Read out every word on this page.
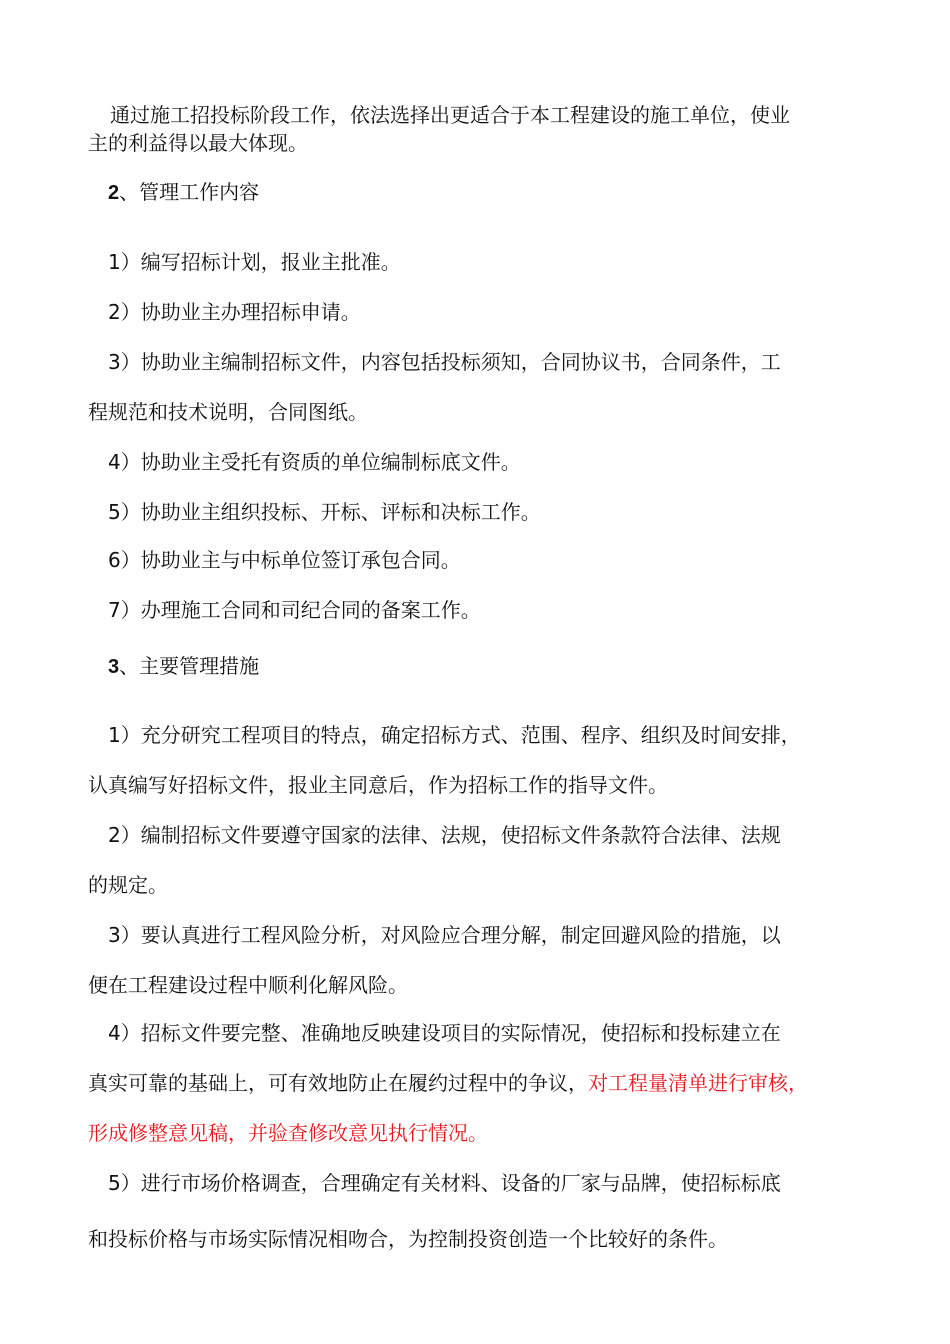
通过施工招投标阶段工作，依法选择出更适合于本工程建设的施工单位，使业
主的利益得以最大体现。
2、管理工作内容
1）编写招标计划，报业主批准。
2）协助业主办理招标申请。
3）协助业主编制招标文件，内容包括投标须知，合同协议书，合同条件，工
程规范和技术说明，合同图纸。
4）协助业主受托有资质的单位编制标底文件。
5）协助业主组织投标、开标、评标和决标工作。
6）协助业主与中标单位签订承包合同。
7）办理施工合同和司纪合同的备案工作。
3、主要管理措施
1）充分研究工程项目的特点，确定招标方式、范围、程序、组织及时间安排，
认真编写好招标文件，报业主同意后，作为招标工作的指导文件。
2）编制招标文件要遵守国家的法律、法规，使招标文件条款符合法律、法规
的规定。
3）要认真进行工程风险分析，对风险应合理分解，制定回避风险的措施，以
便在工程建设过程中顺利化解风险。
4）招标文件要完整、准确地反映建设项目的实际情况，使招标和投标建立在
真实可靠的基础上，可有效地防止在履约过程中的争议，对工程量清单进行审核，
形成修整意见稿，并验查修改意见执行情况。
5）进行市场价格调查，合理确定有关材料、设备的厂家与品牌，使招标标底
和投标价格与市场实际情况相吻合，为控制投资创造一个比较好的条件。
